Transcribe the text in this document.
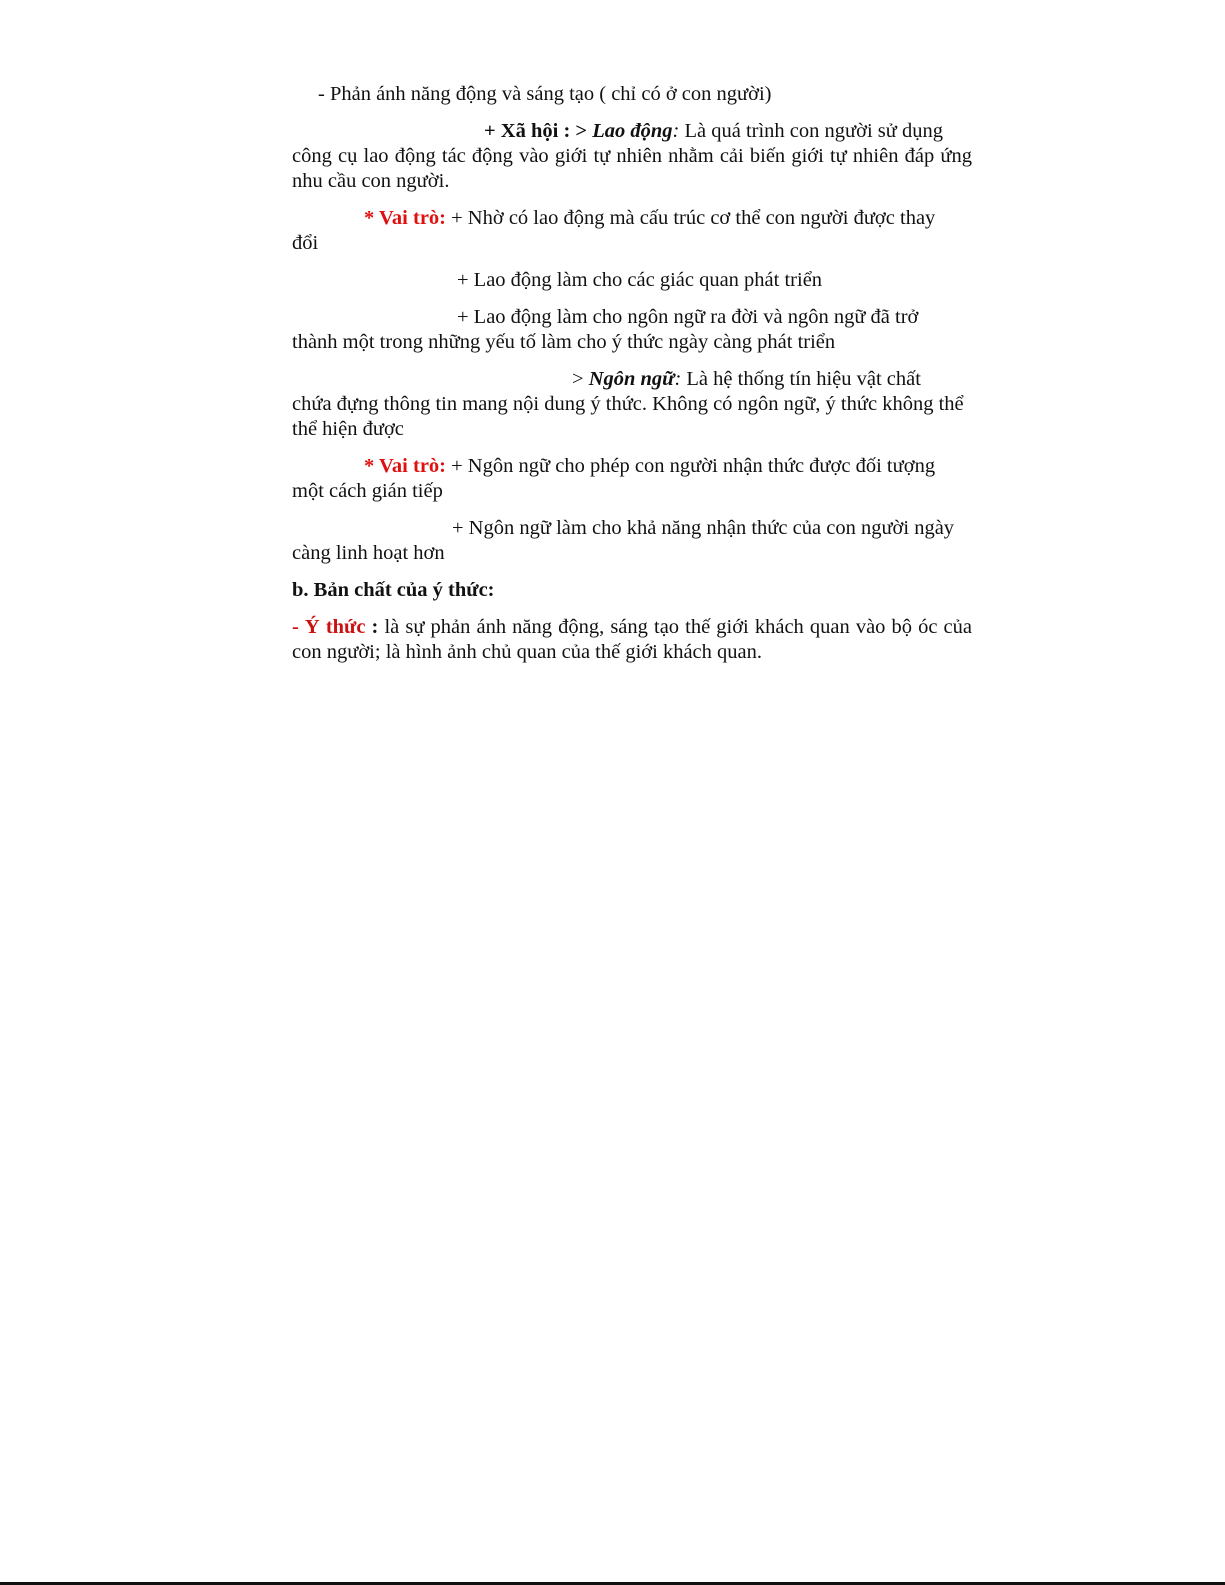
- Phản ánh năng động và sáng tạo ( chỉ có ở con người)

+ Xã hội : > Lao động: Là quá trình con người sử dụng
công cụ lao động tác động vào giới tự nhiên nhằm cải biến giới tự nhiên đáp ứng nhu cầu con người.

* Vai trò: + Nhờ có lao động mà cấu trúc cơ thể con người được thay
đổi

+ Lao động làm cho các giác quan phát triển

+ Lao động làm cho ngôn ngữ ra đời và ngôn ngữ đã trở
thành một trong những yếu tố làm cho ý thức ngày càng phát triển

> Ngôn ngữ: Là hệ thống tín hiệu vật chất
chứa đựng thông tin mang nội dung ý thức. Không có ngôn ngữ, ý thức không thể thể hiện được

* Vai trò: + Ngôn ngữ cho phép con người nhận thức được đối tượng
một cách gián tiếp

+ Ngôn ngữ làm cho khả năng nhận thức của con người ngày
càng linh hoạt hơn

b. Bản chất của ý thức:

- Ý thức : là sự phản ánh năng động, sáng tạo thế giới khách quan vào bộ óc của con người; là hình ảnh chủ quan của thế giới khách quan.
